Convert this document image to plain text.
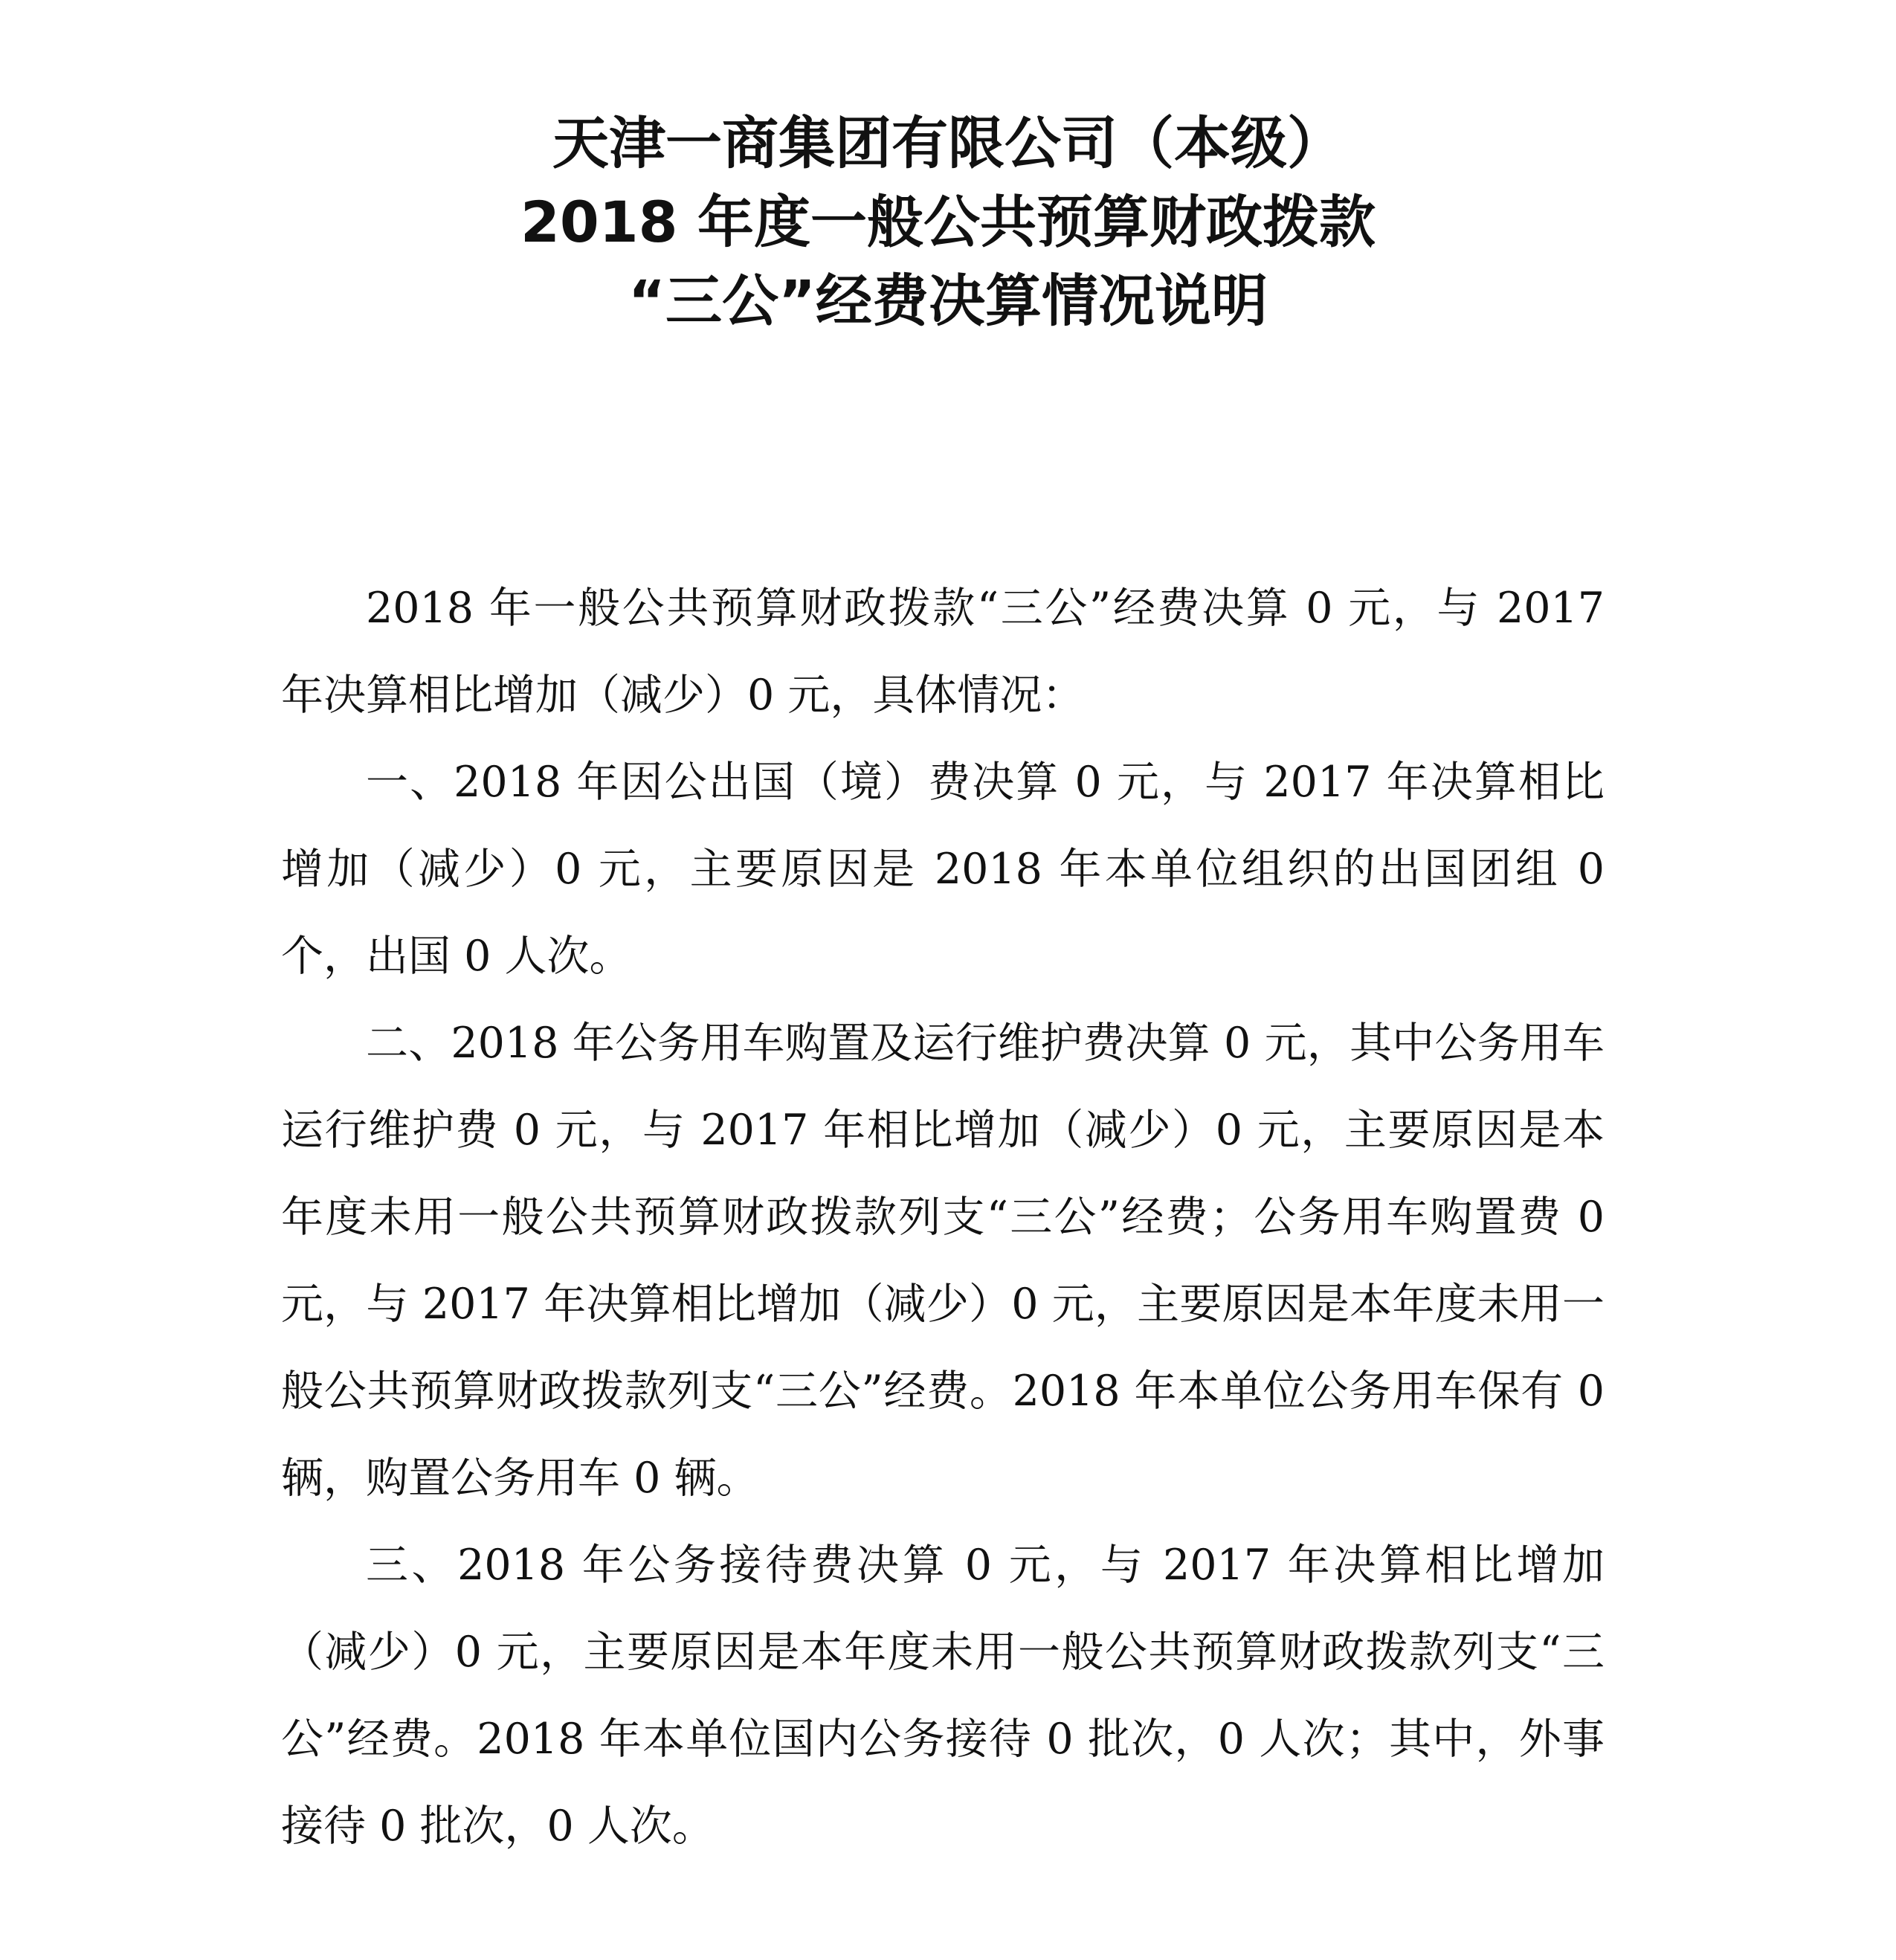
天津一商集团有限公司（本级）
2018 年度一般公共预算财政拨款
“三公”经费决算情况说明

2018 年一般公共预算财政拨款“三公”经费决算 0 元，与 2017 年决算相比增加（减少）0 元，具体情况：

一、2018 年因公出国（境）费决算 0 元，与 2017 年决算相比增加（减少）0 元，主要原因是 2018 年本单位组织的出国团组 0 个，出国 0 人次。

二、2018 年公务用车购置及运行维护费决算 0 元，其中公务用车运行维护费 0 元，与 2017 年相比增加（减少）0 元，主要原因是本年度未用一般公共预算财政拨款列支“三公”经费；公务用车购置费 0 元，与 2017 年决算相比增加（减少）0 元，主要原因是本年度未用一般公共预算财政拨款列支“三公”经费。2018 年本单位公务用车保有 0 辆，购置公务用车 0 辆。

三、2018 年公务接待费决算 0 元，与 2017 年决算相比增加（减少）0 元，主要原因是本年度未用一般公共预算财政拨款列支“三公”经费。2018 年本单位国内公务接待 0 批次，0 人次；其中，外事接待 0 批次，0 人次。
